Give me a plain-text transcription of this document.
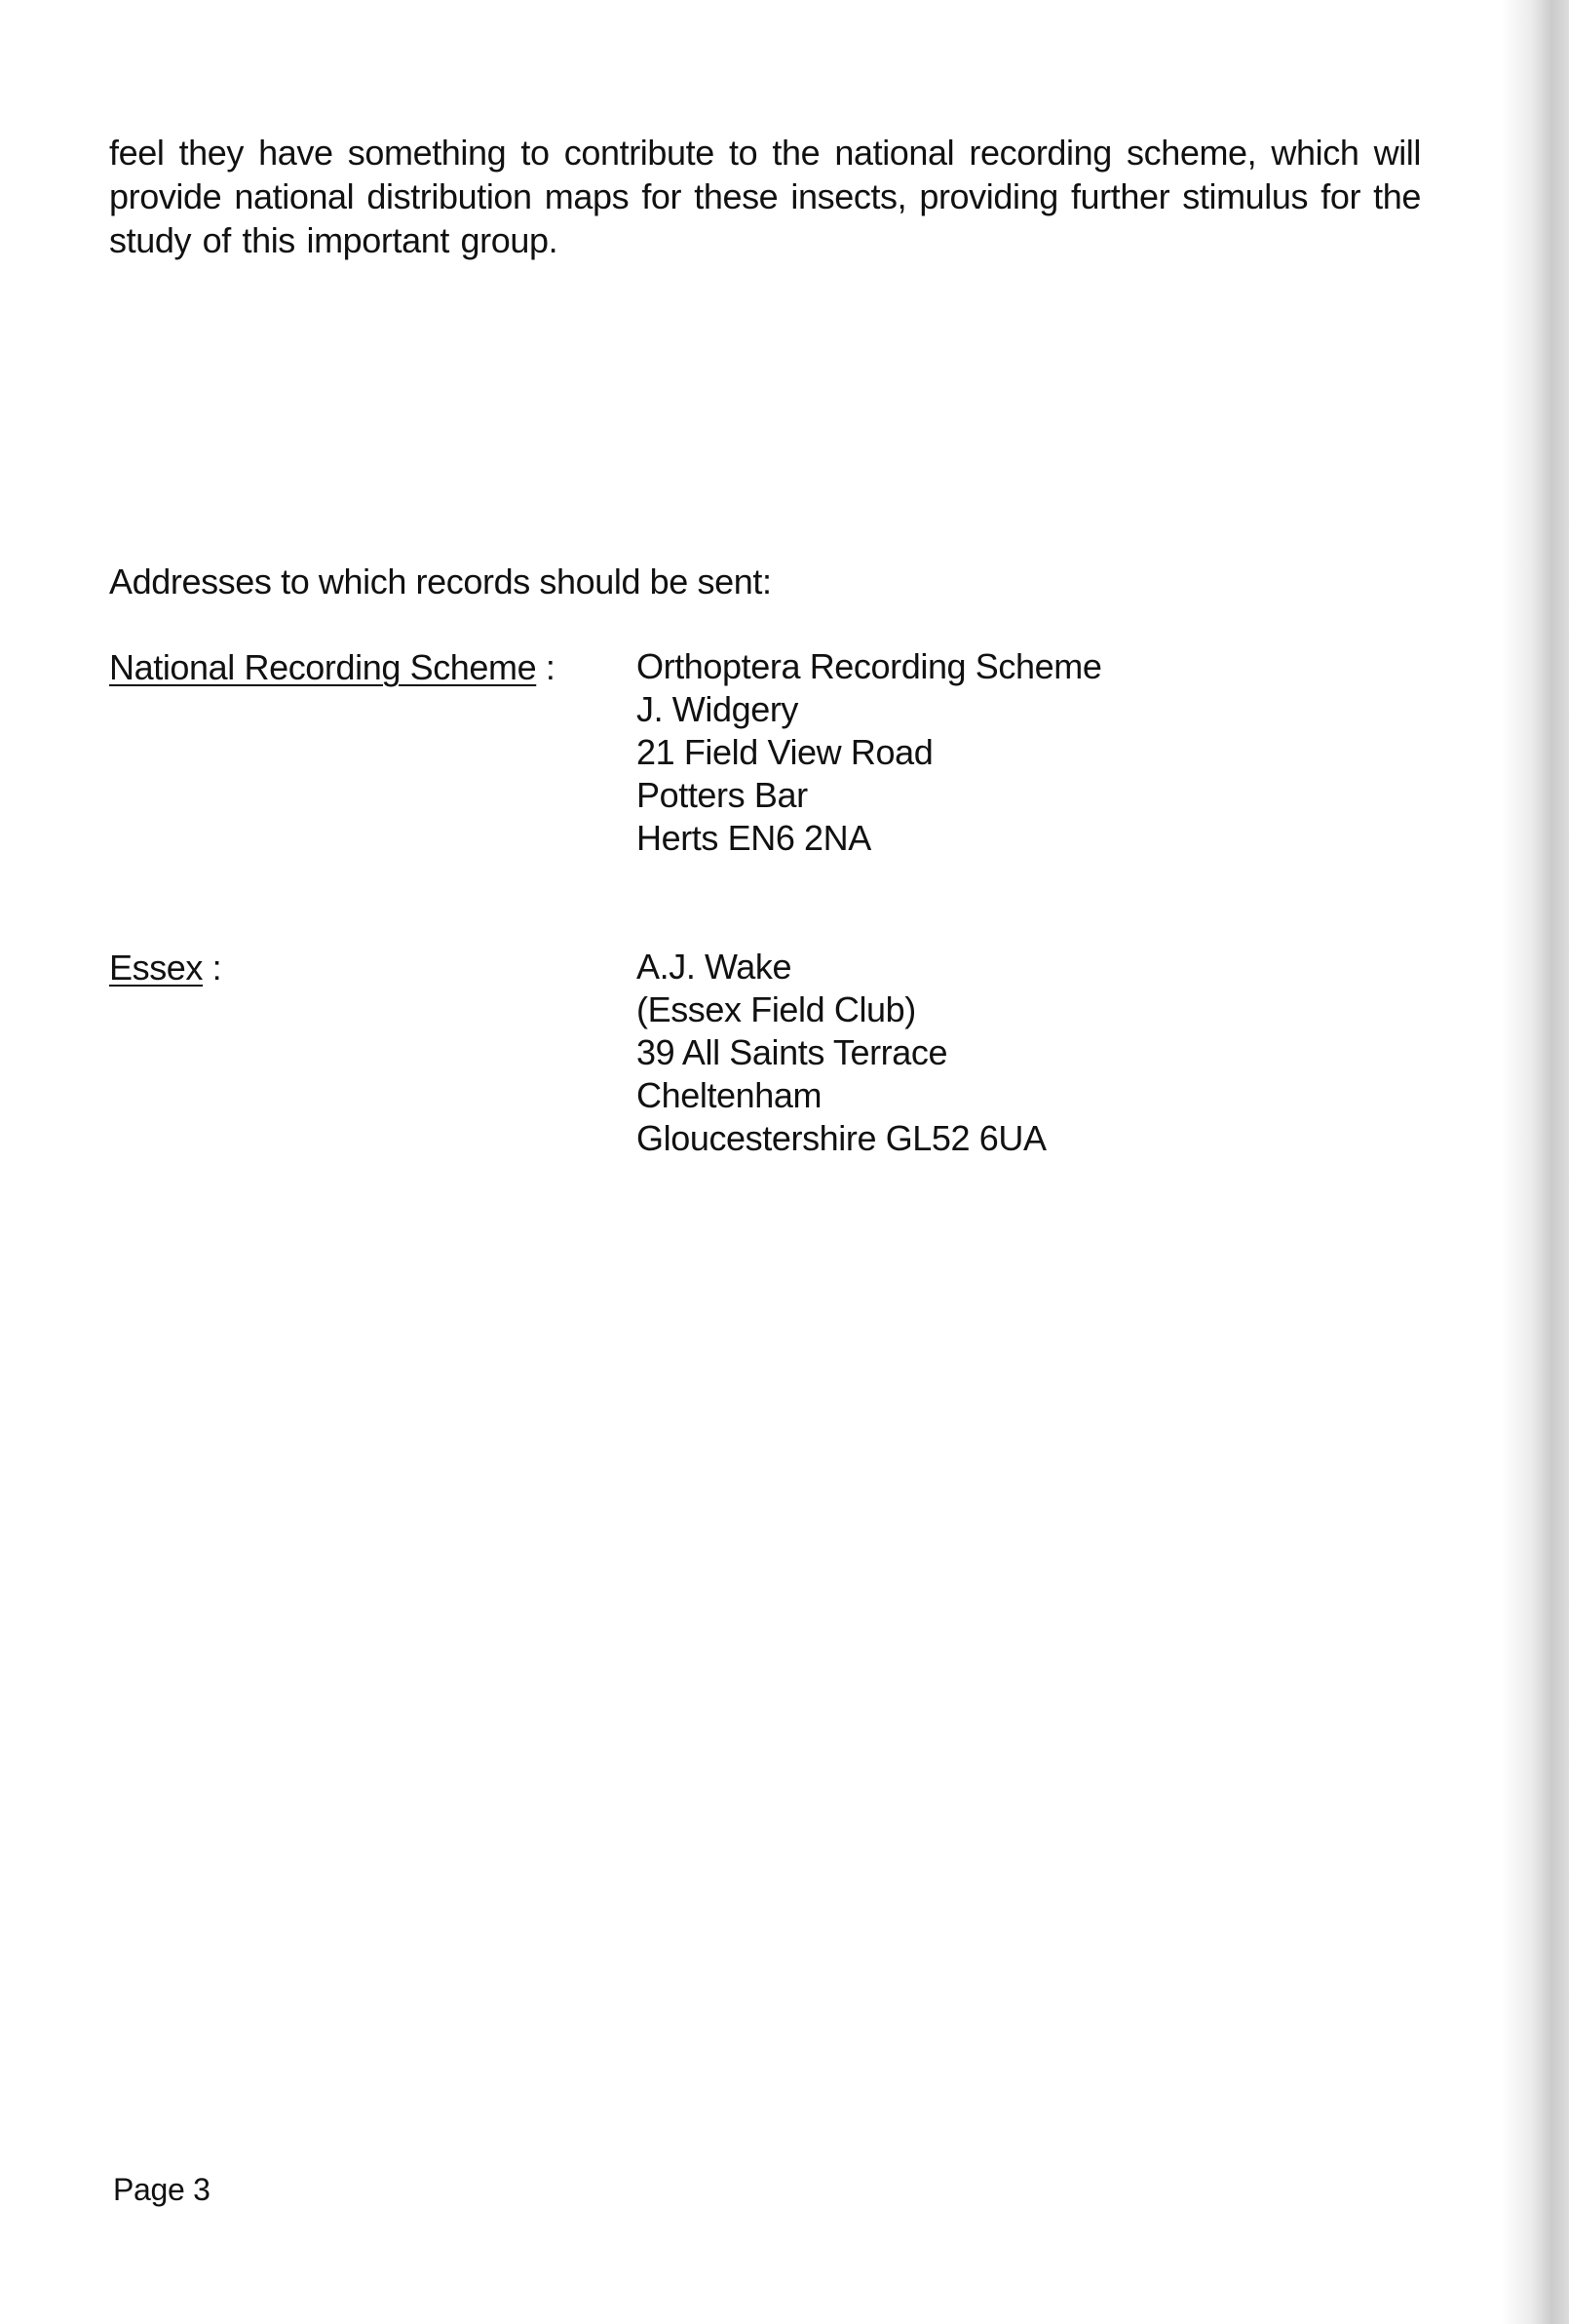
feel they have something to contribute to the national recording scheme, which will provide national distribution maps for these insects, providing further stimulus for the study of this important group.

Addresses to which records should be sent:

National Recording Scheme : Orthoptera Recording Scheme
J. Widgery
21 Field View Road
Potters Bar
Herts EN6 2NA
Essex :	A.J. Wake
(Essex Field Club)
39 All Saints Terrace
Cheltenham
Gloucestershire GL52 6UA
Page 3
